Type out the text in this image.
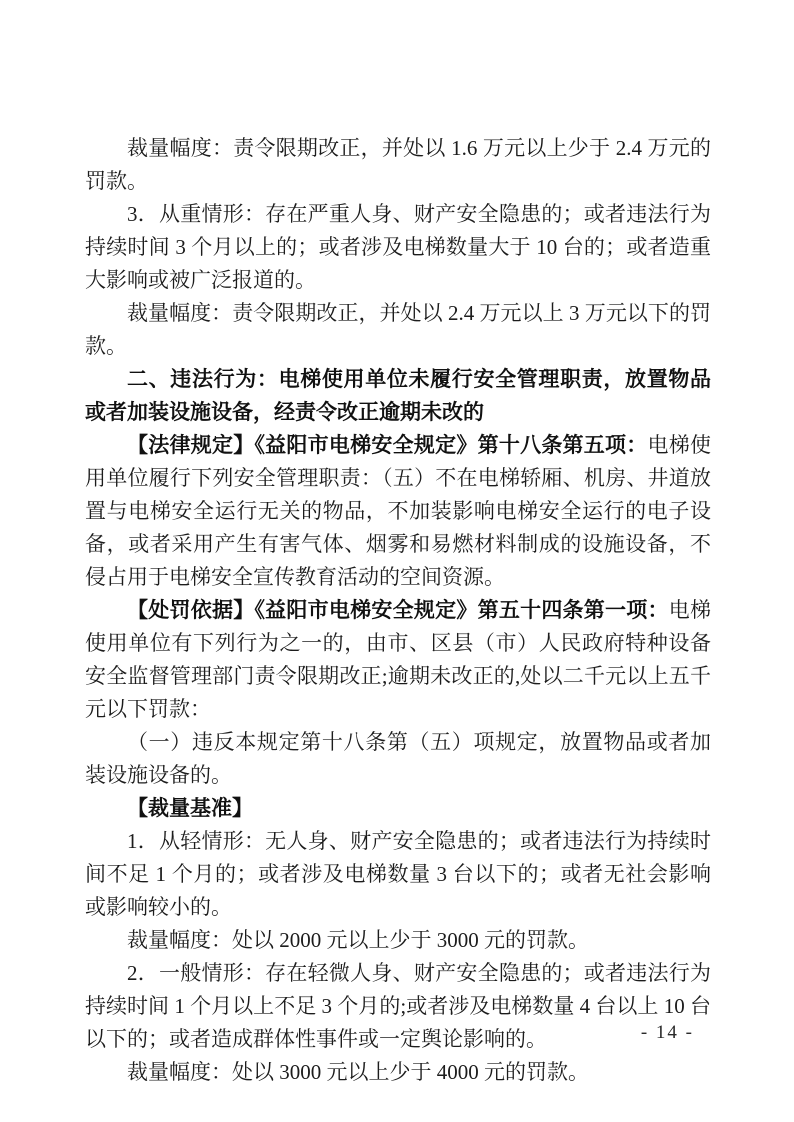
裁量幅度：责令限期改正，并处以 1.6 万元以上少于 2.4 万元的罚款。

3．从重情形：存在严重人身、财产安全隐患的；或者违法行为持续时间 3 个月以上的；或者涉及电梯数量大于 10 台的；或者造重大影响或被广泛报道的。

裁量幅度：责令限期改正，并处以 2.4 万元以上 3 万元以下的罚款。

二、违法行为：电梯使用单位未履行安全管理职责，放置物品或者加装设施设备，经责令改正逾期未改的

【法律规定】《益阳市电梯安全规定》第十八条第五项：电梯使用单位履行下列安全管理职责：（五）不在电梯轿厢、机房、井道放置与电梯安全运行无关的物品，不加装影响电梯安全运行的电子设备，或者采用产生有害气体、烟雾和易燃材料制成的设施设备，不侵占用于电梯安全宣传教育活动的空间资源。

【处罚依据】《益阳市电梯安全规定》第五十四条第一项：电梯使用单位有下列行为之一的，由市、区县（市）人民政府特种设备安全监督管理部门责令限期改正;逾期未改正的,处以二千元以上五千元以下罚款：

（一）违反本规定第十八条第（五）项规定，放置物品或者加装设施设备的。

【裁量基准】

1．从轻情形：无人身、财产安全隐患的；或者违法行为持续时间不足 1 个月的；或者涉及电梯数量 3 台以下的；或者无社会影响或影响较小的。

裁量幅度：处以 2000 元以上少于 3000 元的罚款。

2．一般情形：存在轻微人身、财产安全隐患的；或者违法行为持续时间 1 个月以上不足 3 个月的;或者涉及电梯数量 4 台以上 10 台以下的；或者造成群体性事件或一定舆论影响的。

裁量幅度：处以 3000 元以上少于 4000 元的罚款。

- 14 -
